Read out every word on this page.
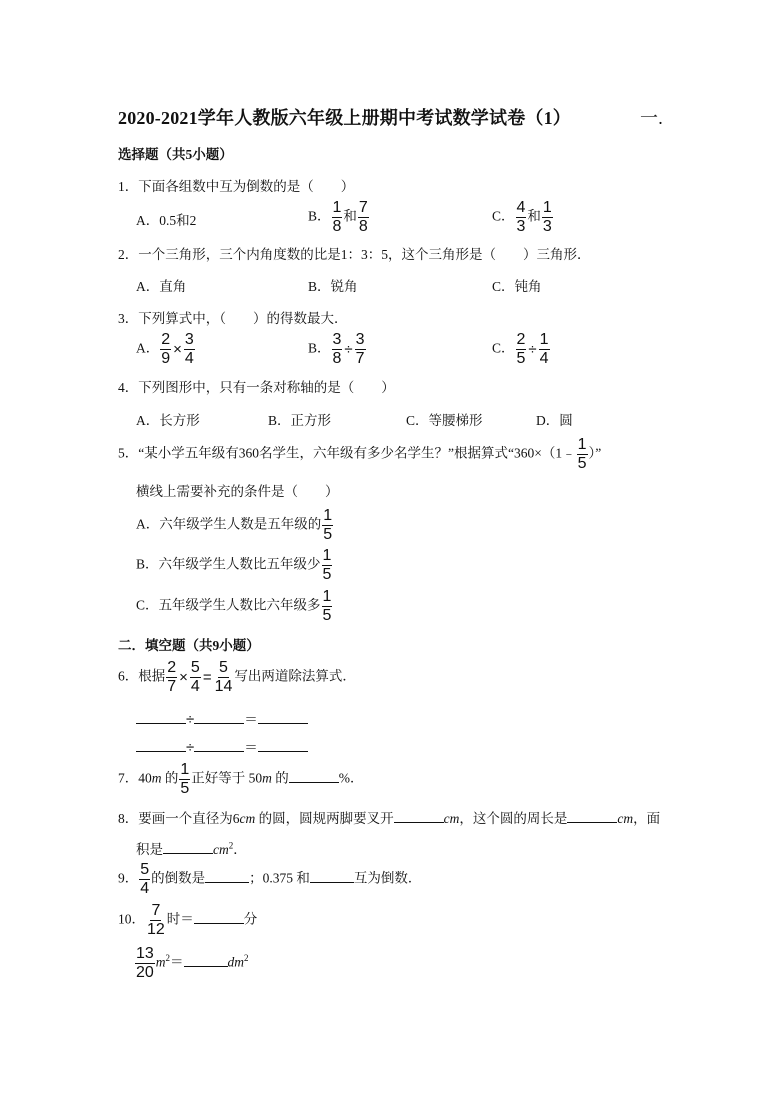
2020-2021学年人教版六年级上册期中考试数学试卷（1）	一.
选择题（共5小题）
1．下面各组数中互为倒数的是（　　）
A．0.5和2	B． $\frac{1}{8}$ 和 $\frac{7}{8}$	C． $\frac{4}{3}$ 和 $\frac{1}{3}$
2．一个三角形，三个内角度数的比是1：3：5，这个三角形是（　　）三角形．
A．直角	B．锐角	C．钝角
3．下列算式中，（　　）的得数最大．
A． $\frac{2}{9} \times \frac{3}{4}$	B． $\frac{3}{8} \div \frac{3}{7}$	C． $\frac{2}{5} \div \frac{1}{4}$
4．下列图形中，只有一条对称轴的是（　　）
A．长方形	B．正方形	C．等腰梯形	D．圆
5．“某小学五年级有360名学生，六年级有多少名学生？”根据算式“360×（1﹣ $\frac{1}{5}$ ）”
横线上需要补充的条件是（　　）
A．六年级学生人数是五年级的 $\frac{1}{5}$
B．六年级学生人数比五年级少 $\frac{1}{5}$
C．五年级学生人数比六年级多 $\frac{1}{5}$
二．填空题（共9小题）
6．根据 $\frac{2}{7} \times \frac{5}{4} = \frac{5}{14}$ 写出两道除法算式．
÷	＝
÷	＝
7．40m 的 $\frac{1}{5}$ 正好等于 50m 的	%．
8．要画一个直径为6cm 的圆，圆规两脚要叉开	cm，这个圆的周长是	cm，面
积是	$cm^2$．
9． $\frac{5}{4}$ 的倒数是	；0.375 和	互为倒数．
10． $\frac{7}{12}$ 时＝	分
$\frac{13}{20} m^2=$	$dm^2$
